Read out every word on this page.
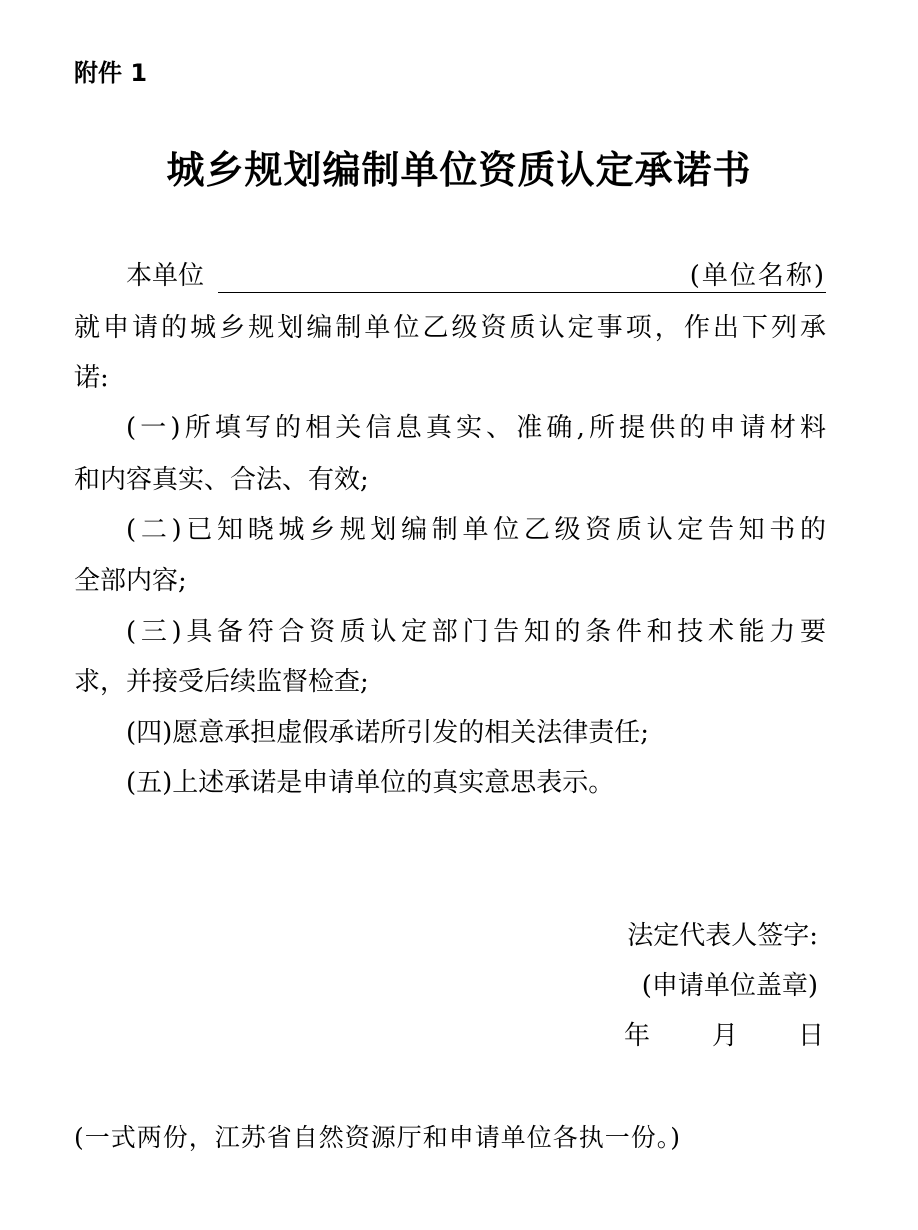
附件 1
城乡规划编制单位资质认定承诺书
本单位	(单位名称)
就申请的城乡规划编制单位乙级资质认定事项，作出下列承
诺:
(一)所填写的相关信息真实、准确,所提供的申请材料
和内容真实、合法、有效;
(二)已知晓城乡规划编制单位乙级资质认定告知书的
全部内容;
(三)具备符合资质认定部门告知的条件和技术能力要
求，并接受后续监督检查;
(四)愿意承担虚假承诺所引发的相关法律责任;
(五)上述承诺是申请单位的真实意思表示。
法定代表人签字:
(申请单位盖章)
年 月 日
(一式两份，江苏省自然资源厅和申请单位各执一份。)
